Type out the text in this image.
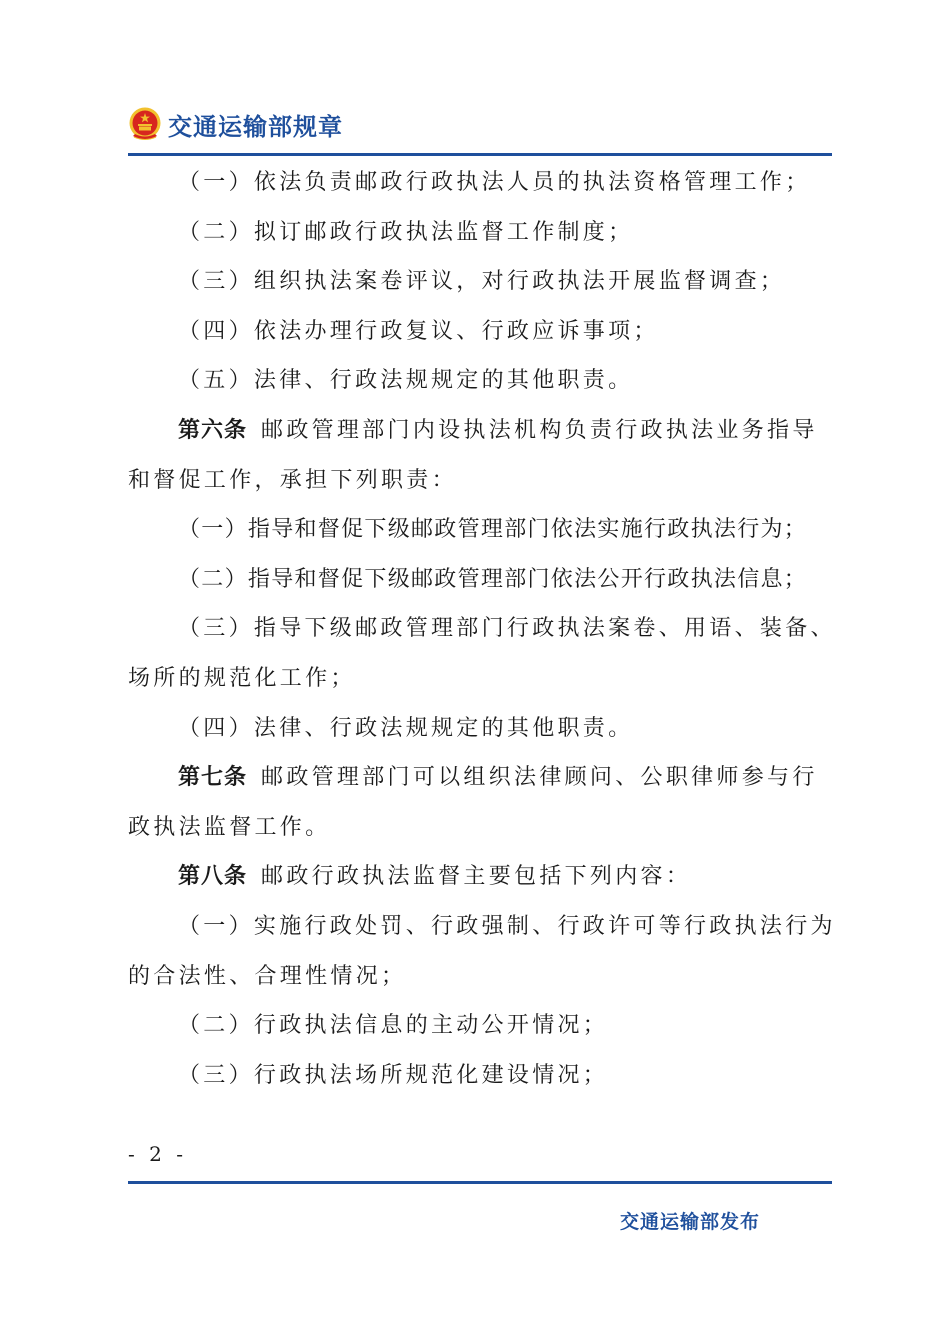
交通运输部规章
（一）依法负责邮政行政执法人员的执法资格管理工作；
（二）拟订邮政行政执法监督工作制度；
（三）组织执法案卷评议，对行政执法开展监督调查；
（四）依法办理行政复议、行政应诉事项；
（五）法律、行政法规规定的其他职责。
第六条 邮政管理部门内设执法机构负责行政执法业务指导
和督促工作，承担下列职责：
（一）指导和督促下级邮政管理部门依法实施行政执法行为；
（二）指导和督促下级邮政管理部门依法公开行政执法信息；
（三）指导下级邮政管理部门行政执法案卷、用语、装备、
场所的规范化工作；
（四）法律、行政法规规定的其他职责。
第七条 邮政管理部门可以组织法律顾问、公职律师参与行
政执法监督工作。
第八条 邮政行政执法监督主要包括下列内容：
（一）实施行政处罚、行政强制、行政许可等行政执法行为
的合法性、合理性情况；
（二）行政执法信息的主动公开情况；
（三）行政执法场所规范化建设情况；
- 2 -
交通运输部发布
